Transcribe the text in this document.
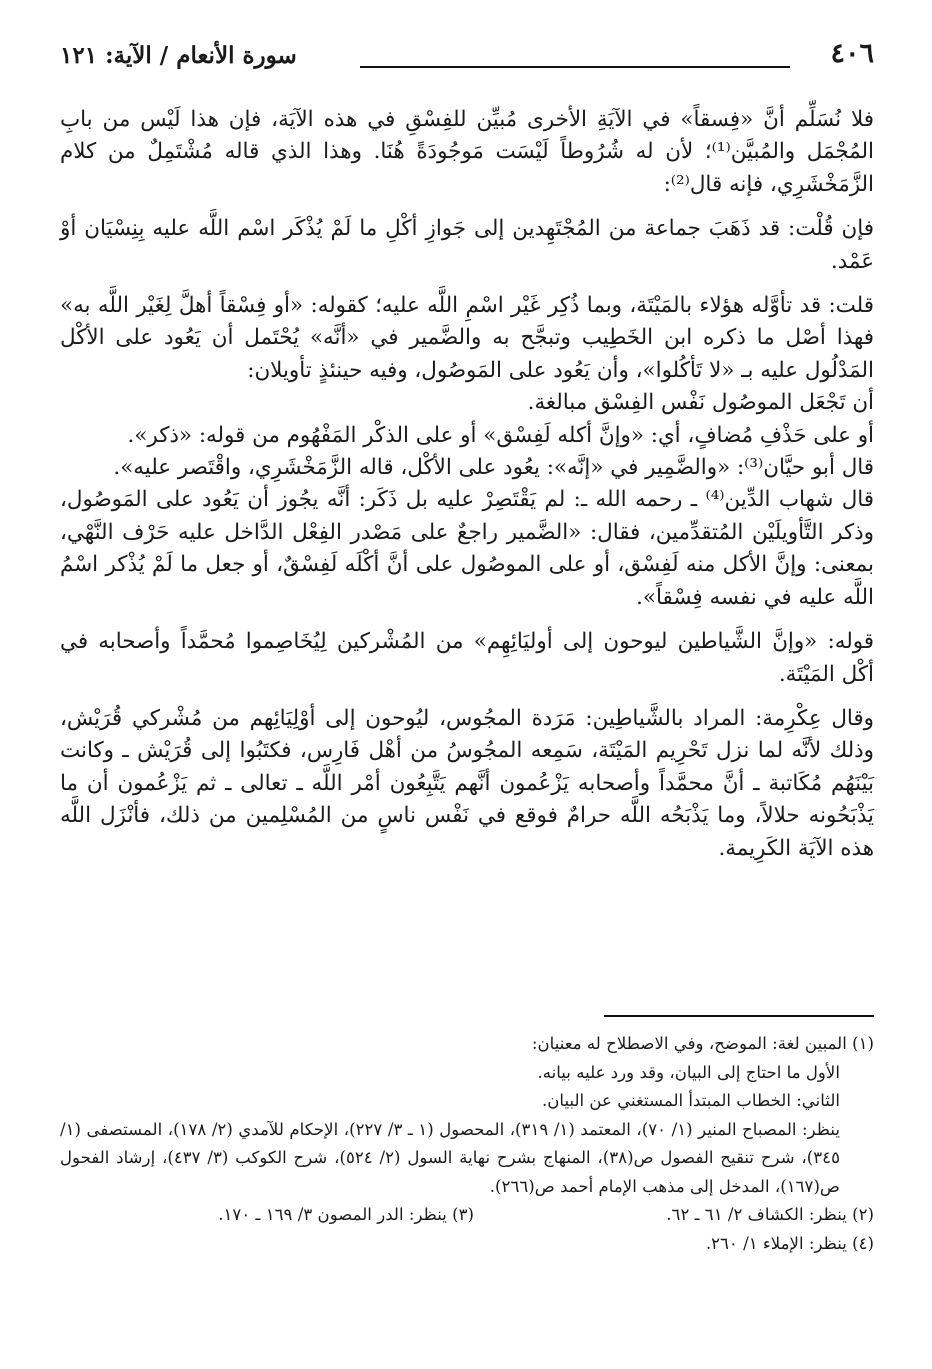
٤٠٦
سورة الأنعام / الآية: ١٢١

فلا نُسَلِّم أنَّ «فِسقاً» في الآيَةِ الأخرى مُبيِّن للفِسْقِ في هذه الآيَة، فإن هذا لَيْس من بابِ المُجْمَل والمُبيَّن⁽¹⁾؛ لأن له شُرُوطاً لَيْسَت مَوجُودَةً هُنَا. وهذا الذي قاله مُشْتَمِلٌ من كلام الزَّمَخْشَرِي، فإنه قال⁽²⁾:

فإن قُلْت: قد ذَهَبَ جماعة من المُجْتَهِدين إلى جَوازِ أكْلِ ما لَمْ يُذْكَر اسْم اللَّه عليه بِنِسْيَان أوْ عَمْد.

قلت: قد تأوَّله هؤلاء بالمَيْتَة، وبما ذُكِر غَيْر اسْمِ اللَّه عليه؛ كقوله: «أو فِسْقاً أهلَّ لِغَيْر اللَّه به» فهذا أصْل ما ذكره ابن الخَطِيب وتبجَّح به والضَّمير في «أنَّه» يُحْتَمل أن يَعُود على الأكْل المَدْلُول عليه بـ «لا تَأكُلوا»، وأن يَعُود على المَوصُول، وفيه حينئذٍ تأويلان:

أن تَجْعَل الموصُول نَفْس الفِسْق مبالغة.

أو على حَذْفِ مُضافٍ، أي: «وإنَّ أكله لَفِسْق» أو على الذكْر المَفْهُوم من قوله: «ذكر».

قال أبو حيَّان⁽³⁾: «والضَّمِير في «إنَّه»: يعُود على الأكْل، قاله الزَّمَخْشَرِي، واقْتَصر عليه».

قال شهاب الدِّين⁽⁴⁾ ـ رحمه الله ـ: لم يَقْتَصِرْ عليه بل ذَكَر: أنَّه يجُوز أن يَعُود على المَوصُول، وذكر التَّأويلَيْن المُتقدِّمين، فقال: «الضَّمير راجعٌ على مَصْدر الفِعْل الدَّاخل عليه حَرْف النَّهْي، بمعنى: وإنَّ الأكل منه لَفِسْق، أو على الموصُول على أنَّ أكْلَه لَفِسْقٌ، أو جعل ما لَمْ يُذْكر اسْمُ اللَّه عليه في نفسه فِسْقاً».

قوله: «وإنَّ الشَّياطين ليوحون إلى أوليَائِهِم» من المُشْركين لِيُخَاصِموا مُحمَّداً وأصحابه في أكْل المَيْتَة.

وقال عِكْرِمة: المراد بالشَّياطِين: مَرَدة المجُوس، ليُوحون إلى أوْلِيَائِهم من مُشْركي قُرَيْش، وذلك لأنَّه لما نزل تَحْرِيم المَيْتَة، سَمِعه المجُوسُ من أهْل فَارِس، فكتَبُوا إلى قُرَيْش ـ وكانت بَيْنَهُم مُكَاتبة ـ أنَّ محمَّداً وأصحابه يَزْعُمون أنَّهم يَتَّبِعُون أمْر اللَّه ـ تعالى ـ ثم يَزْعُمون أن ما يَذْبَحُونه حلالاً، وما يَذْبَحُه اللَّه حرامٌ فوقع في نَفْس ناسٍ من المُسْلِمين من ذلك، فأنْزَل اللَّه هذه الآيَة الكَرِيمة.

(١) المبين لغة: الموضح، وفي الاصطلاح له معنيان:

الأول ما احتاج إلى البيان، وقد ورد عليه بيانه.

الثاني: الخطاب المبتدأ المستغني عن البيان.

ينظر: المصباح المنير (١/ ٧٠)، المعتمد (١/ ٣١٩)، المحصول (١ ـ ٣/ ٢٢٧)، الإحكام للآمدي (٢/ ١٧٨)، المستصفى (١/ ٣٤٥)، شرح تنقيح الفصول ص(٣٨)، المنهاج بشرح نهاية السول (٢/ ٥٢٤)، شرح الكوكب (٣/ ٤٣٧)، إرشاد الفحول ص(١٦٧)، المدخل إلى مذهب الإمام أحمد ص(٢٦٦).

(٢) ينظر: الكشاف ٢/ ٦١ ـ ٦٢.
(٣) ينظر: الدر المصون ٣/ ١٦٩ ـ ١٧٠.

(٤) ينظر: الإملاء ١/ ٢٦٠.
